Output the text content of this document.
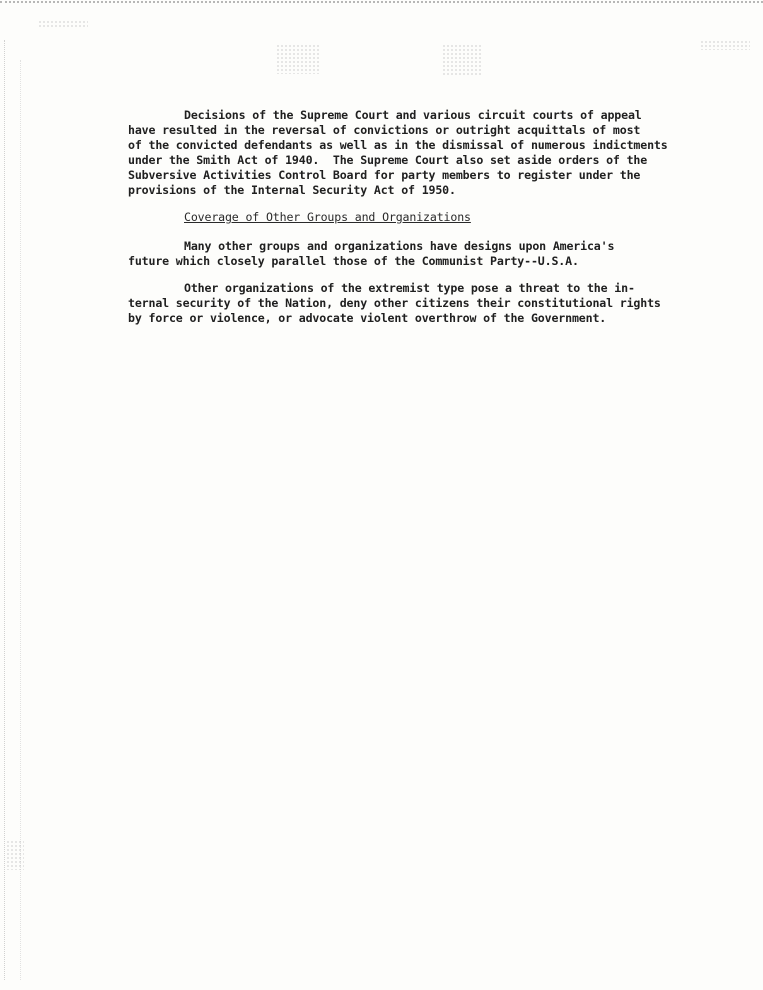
Decisions of the Supreme Court and various circuit courts of appeal
have resulted in the reversal of convictions or outright acquittals of most
of the convicted defendants as well as in the dismissal of numerous indictments
under the Smith Act of 1940.  The Supreme Court also set aside orders of the
Subversive Activities Control Board for party members to register under the
provisions of the Internal Security Act of 1950.
Coverage of Other Groups and Organizations
Many other groups and organizations have designs upon America's
future which closely parallel those of the Communist Party--U.S.A.
Other organizations of the extremist type pose a threat to the in-
ternal security of the Nation, deny other citizens their constitutional rights
by force or violence, or advocate violent overthrow of the Government.
